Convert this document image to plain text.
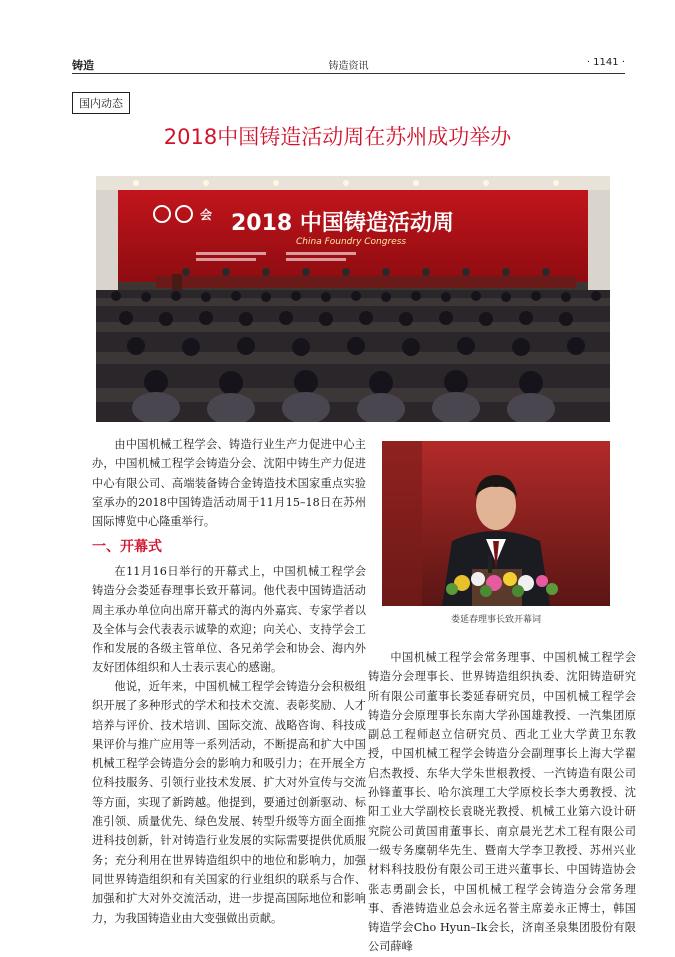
铸造	铸造资讯	· 1141 ·
国内动态
2018中国铸造活动周在苏州成功举办
会 2018 中国铸造活动周
China Foundry Congress

由中国机械工程学会、铸造行业生产力促进中心主办，中国机械工程学会铸造分会、沈阳中铸生产力促进中心有限公司、高端装备铸合金铸造技术国家重点实验室承办的2018中国铸造活动周于11月15–18日在苏州国际博览中心隆重举行。

一、开幕式

在11月16日举行的开幕式上，中国机械工程学会铸造分会娄延春理事长致开幕词。他代表中国铸造活动周主承办单位向出席开幕式的海内外嘉宾、专家学者以及全体与会代表表示诚挚的欢迎；向关心、支持学会工作和发展的各级主管单位、各兄弟学会和协会、海内外友好团体组织和人士表示衷心的感谢。

他说，近年来，中国机械工程学会铸造分会积极组织开展了多种形式的学术和技术交流、表彰奖励、人才培养与评价、技术培训、国际交流、战略咨询、科技成果评价与推广应用等一系列活动，不断提高和扩大中国机械工程学会铸造分会的影响力和吸引力；在开展全方位科技服务、引领行业技术发展、扩大对外宣传与交流等方面，实现了新跨越。他提到，要通过创新驱动、标准引领、质量优先、绿色发展、转型升级等方面全面推进科技创新，针对铸造行业发展的实际需要提供优质服务；充分利用在世界铸造组织中的地位和影响力，加强同世界铸造组织和有关国家的行业组织的联系与合作、加强和扩大对外交流活动，进一步提高国际地位和影响力，为我国铸造业由大变强做出贡献。

娄延春理事长致开幕词

中国机械工程学会常务理事、中国机械工程学会铸造分会理事长、世界铸造组织执委、沈阳铸造研究所有限公司董事长娄延春研究员，中国机械工程学会铸造分会原理事长东南大学孙国雄教授、一汽集团原副总工程师赵立信研究员、西北工业大学黄卫东教授，中国机械工程学会铸造分会副理事长上海大学翟启杰教授、东华大学朱世根教授、一汽铸造有限公司孙锋董事长、哈尔滨理工大学原校长李大勇教授、沈阳工业大学副校长袁晓光教授、机械工业第六设计研究院公司黄国甫董事长、南京晨光艺术工程有限公司一级专务糜朝华先生、暨南大学李卫教授、苏州兴业材料科技股份有限公司王进兴董事长、中国铸造协会张志勇副会长，中国机械工程学会铸造分会常务理事、香港铸造业总会永远名誉主席姜永正博士，韩国铸造学会Cho Hyun–Ik会长，济南圣泉集团股份有限公司薛峰
